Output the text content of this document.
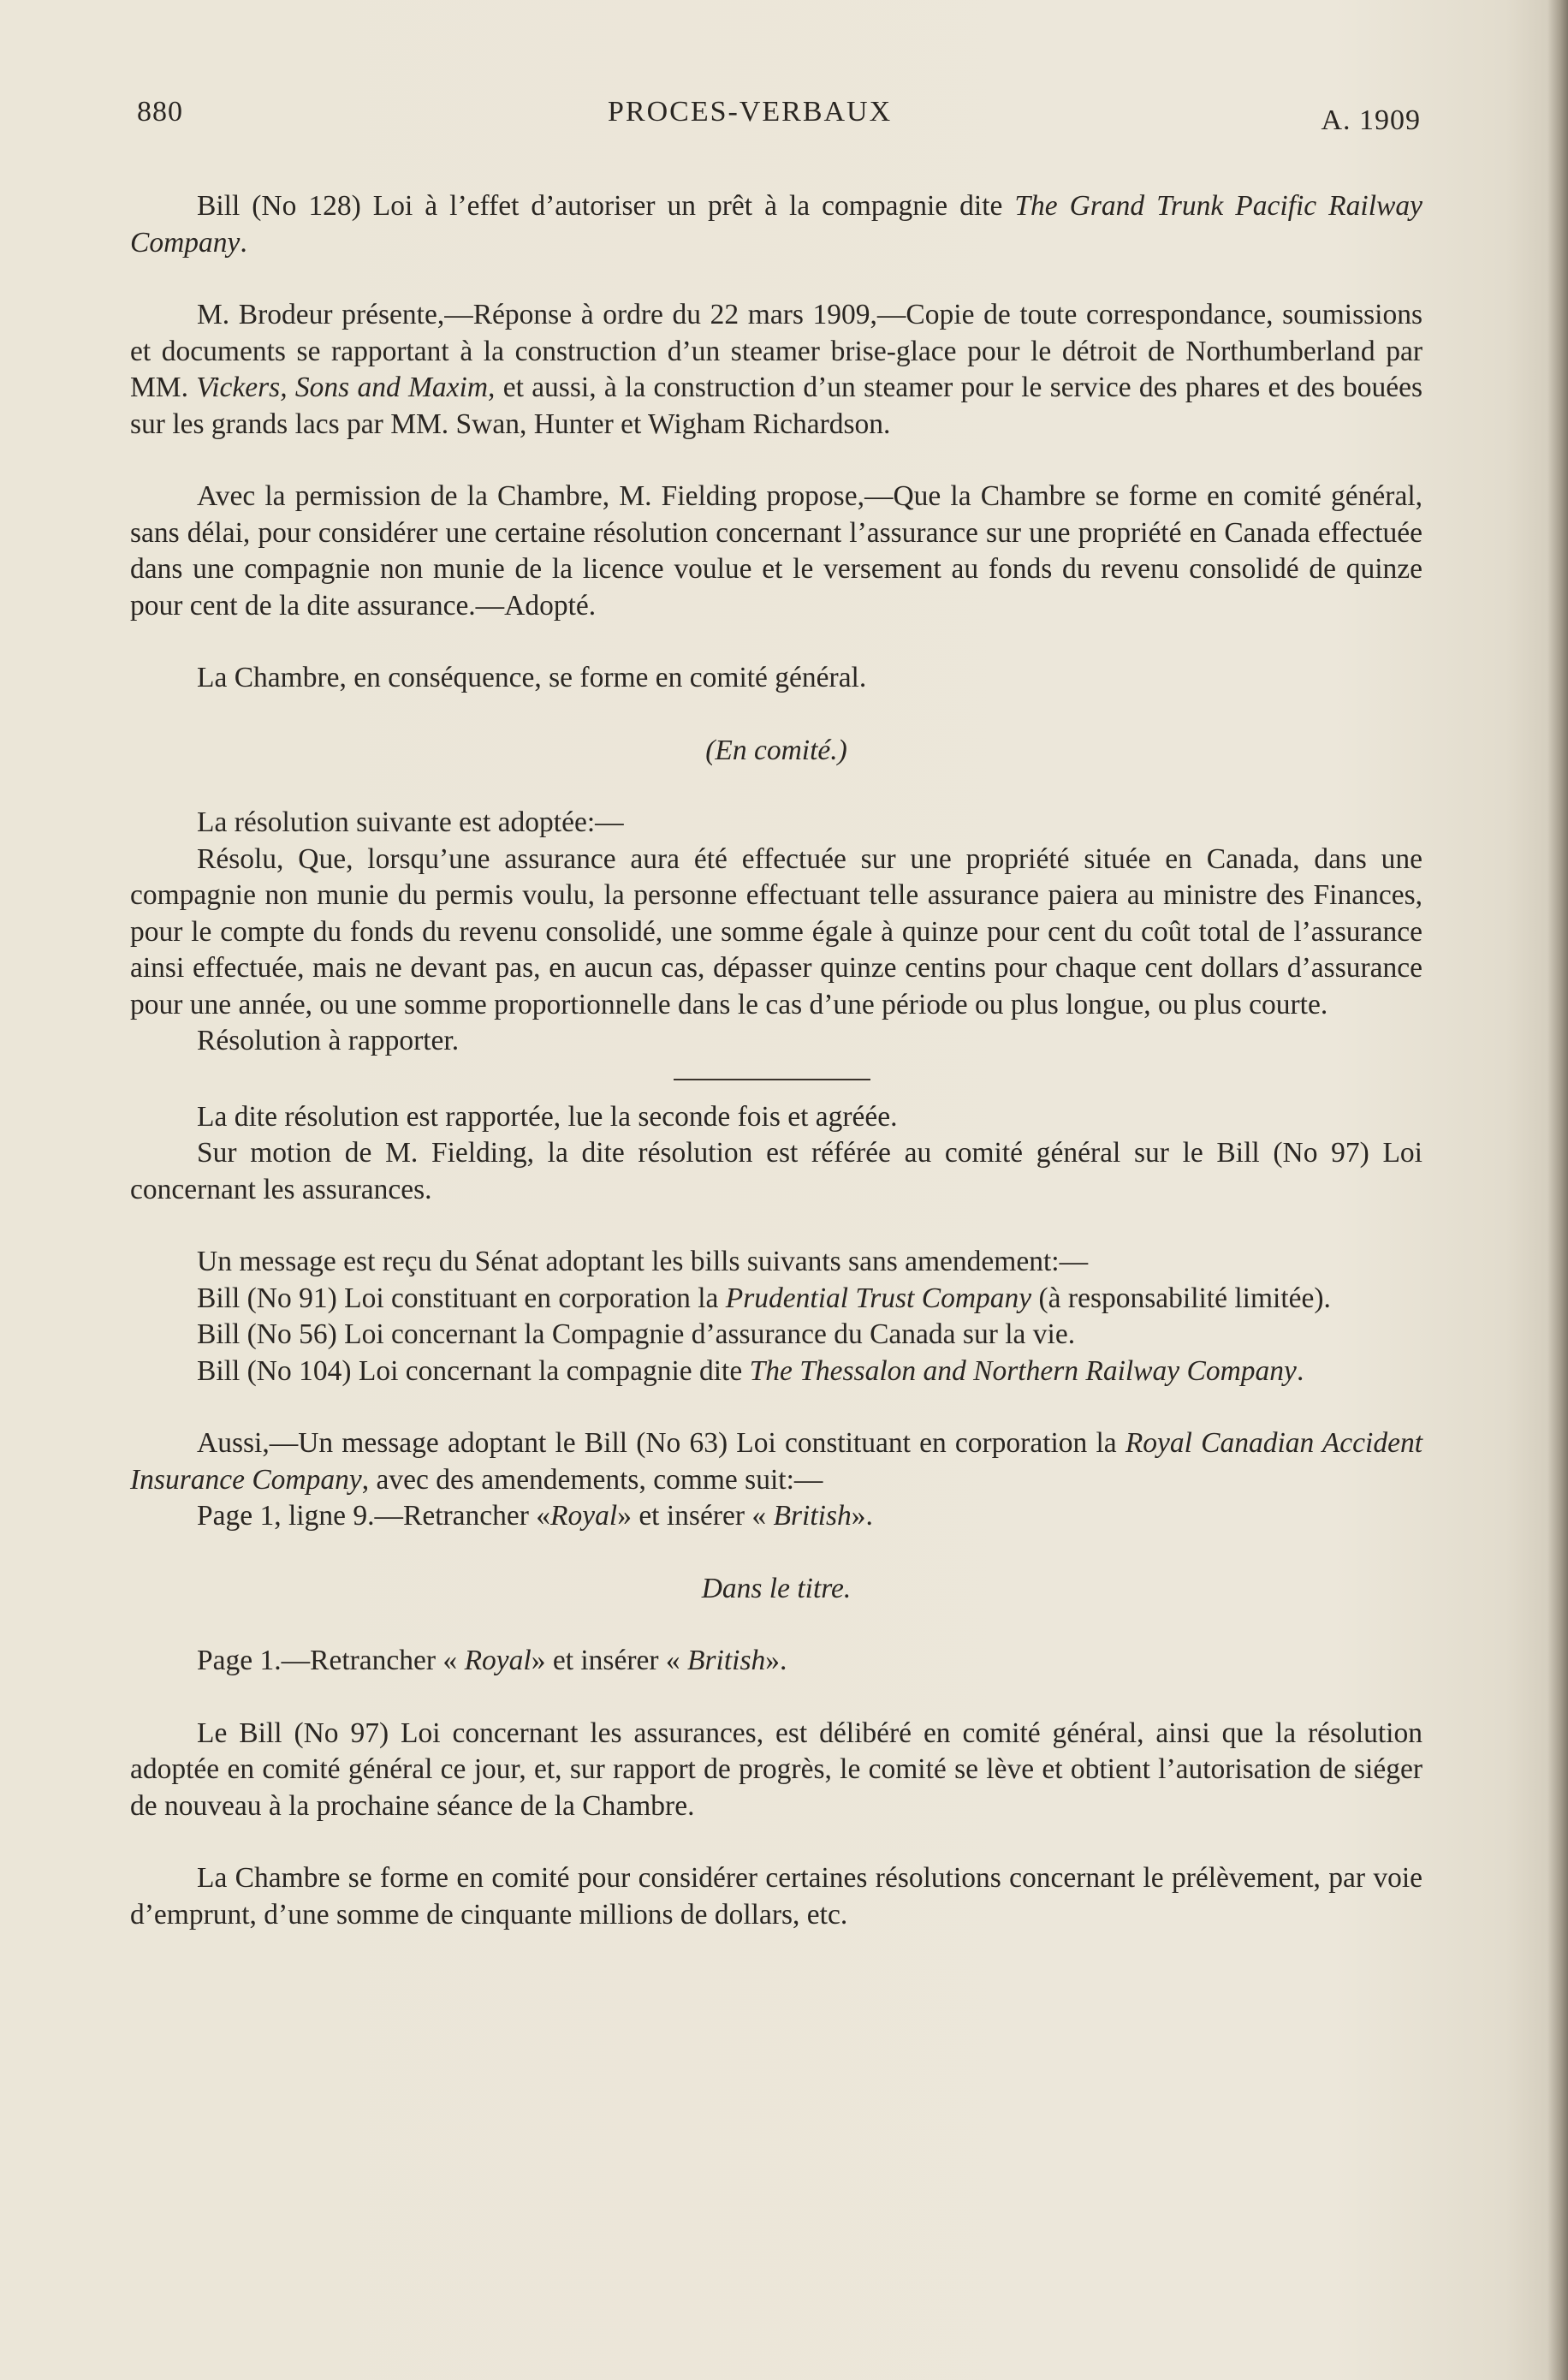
880	PROCES-VERBAUX	A. 1909

Bill (No 128) Loi à l’effet d’autoriser un prêt à la compagnie dite The Grand Trunk Pacific Railway Company.

M. Brodeur présente,—Réponse à ordre du 22 mars 1909,—Copie de toute correspondance, soumissions et documents se rapportant à la construction d’un steamer brise-glace pour le détroit de Northumberland par MM. Vickers, Sons and Maxim, et aussi, à la construction d’un steamer pour le service des phares et des bouées sur les grands lacs par MM. Swan, Hunter et Wigham Richardson.

Avec la permission de la Chambre, M. Fielding propose,—Que la Chambre se forme en comité général, sans délai, pour considérer une certaine résolution concernant l’assurance sur une propriété en Canada effectuée dans une compagnie non munie de la licence voulue et le versement au fonds du revenu consolidé de quinze pour cent de la dite assurance.—Adopté.

La Chambre, en conséquence, se forme en comité général.

(En comité.)

La résolution suivante est adoptée:—

Résolu, Que, lorsqu’une assurance aura été effectuée sur une propriété située en Canada, dans une compagnie non munie du permis voulu, la personne effectuant telle assurance paiera au ministre des Finances, pour le compte du fonds du revenu consolidé, une somme égale à quinze pour cent du coût total de l’assurance ainsi effectuée, mais ne devant pas, en aucun cas, dépasser quinze centins pour chaque cent dollars d’assurance pour une année, ou une somme proportionnelle dans le cas d’une période ou plus longue, ou plus courte.

Résolution à rapporter.

La dite résolution est rapportée, lue la seconde fois et agréée.

Sur motion de M. Fielding, la dite résolution est référée au comité général sur le Bill (No 97) Loi concernant les assurances.

Un message est reçu du Sénat adoptant les bills suivants sans amendement:—

Bill (No 91) Loi constituant en corporation la Prudential Trust Company (à responsabilité limitée).

Bill (No 56) Loi concernant la Compagnie d’assurance du Canada sur la vie.

Bill (No 104) Loi concernant la compagnie dite The Thessalon and Northern Railway Company.

Aussi,—Un message adoptant le Bill (No 63) Loi constituant en corporation la Royal Canadian Accident Insurance Company, avec des amendements, comme suit:—

Page 1, ligne 9.—Retrancher «Royal» et insérer « British».

Dans le titre.

Page 1.—Retrancher « Royal» et insérer « British».

Le Bill (No 97) Loi concernant les assurances, est délibéré en comité général, ainsi que la résolution adoptée en comité général ce jour, et, sur rapport de progrès, le comité se lève et obtient l’autorisation de siéger de nouveau à la prochaine séance de la Chambre.

La Chambre se forme en comité pour considérer certaines résolutions concernant le prélèvement, par voie d’emprunt, d’une somme de cinquante millions de dollars, etc.
